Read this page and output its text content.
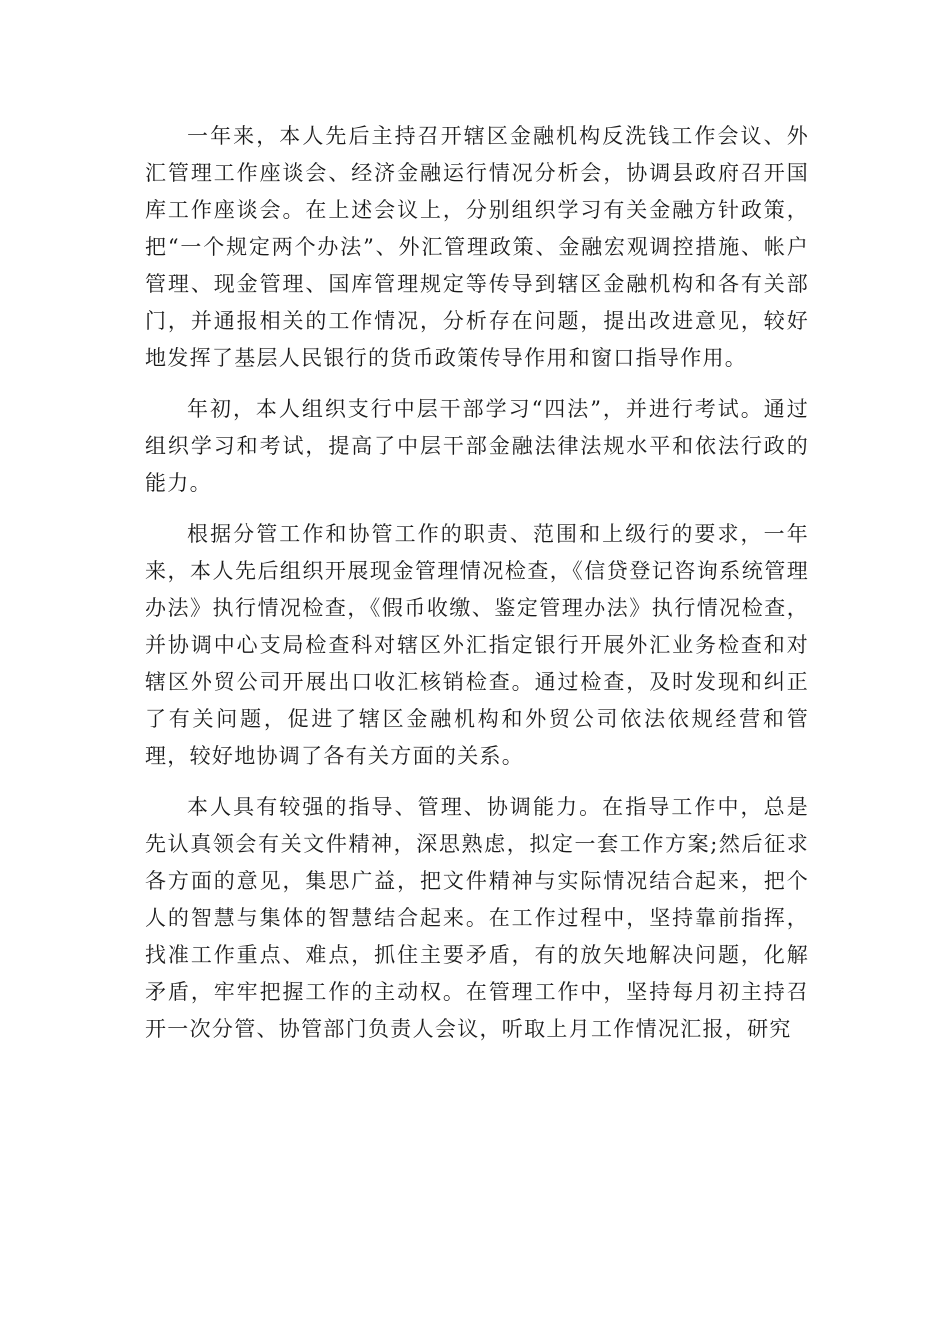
一年来，本人先后主持召开辖区金融机构反洗钱工作会议、外汇管理工作座谈会、经济金融运行情况分析会，协调县政府召开国库工作座谈会。在上述会议上，分别组织学习有关金融方针政策，把“一个规定两个办法”、外汇管理政策、金融宏观调控措施、帐户管理、现金管理、国库管理规定等传导到辖区金融机构和各有关部门，并通报相关的工作情况，分析存在问题，提出改进意见，较好地发挥了基层人民银行的货币政策传导作用和窗口指导作用。

年初，本人组织支行中层干部学习“四法”，并进行考试。通过组织学习和考试，提高了中层干部金融法律法规水平和依法行政的能力。

根据分管工作和协管工作的职责、范围和上级行的要求，一年来，本人先后组织开展现金管理情况检查，《信贷登记咨询系统管理办法》执行情况检查，《假币收缴、鉴定管理办法》执行情况检查，并协调中心支局检查科对辖区外汇指定银行开展外汇业务检查和对辖区外贸公司开展出口收汇核销检查。通过检查，及时发现和纠正了有关问题，促进了辖区金融机构和外贸公司依法依规经营和管理，较好地协调了各有关方面的关系。

本人具有较强的指导、管理、协调能力。在指导工作中，总是先认真领会有关文件精神，深思熟虑，拟定一套工作方案;然后征求各方面的意见，集思广益，把文件精神与实际情况结合起来，把个人的智慧与集体的智慧结合起来。在工作过程中，坚持靠前指挥，找准工作重点、难点，抓住主要矛盾，有的放矢地解决问题，化解矛盾，牢牢把握工作的主动权。在管理工作中，坚持每月初主持召开一次分管、协管部门负责人会议，听取上月工作情况汇报，研究
